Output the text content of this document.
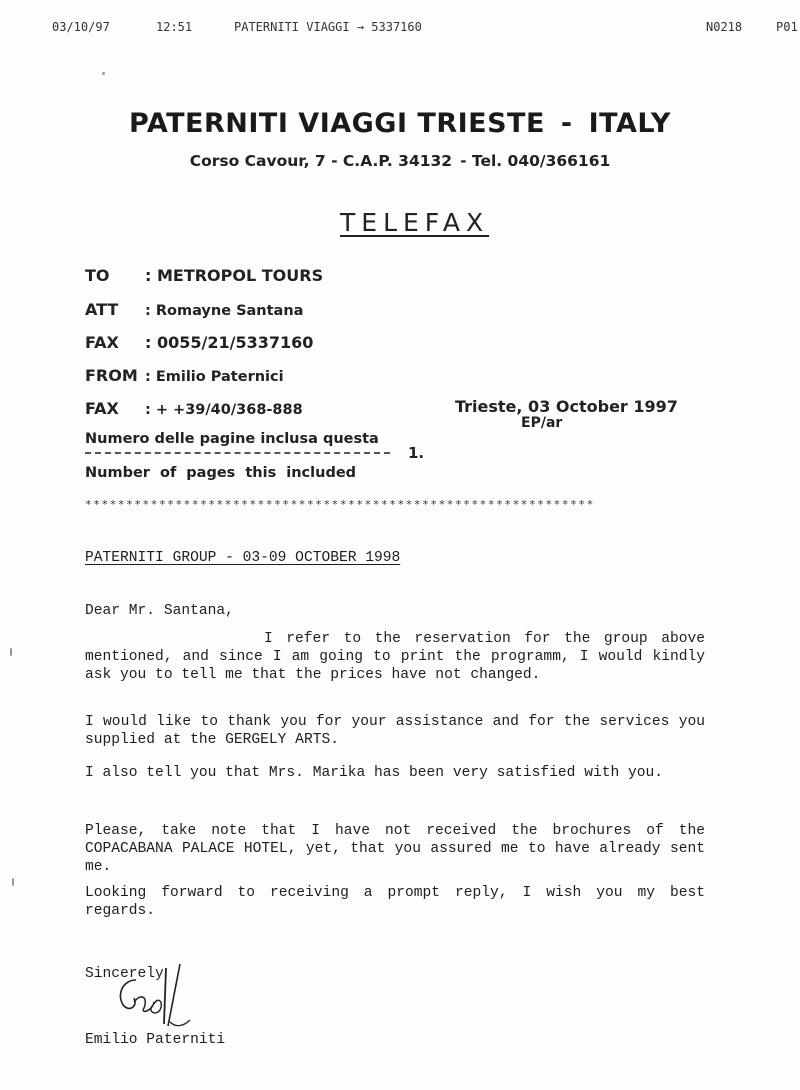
03/10/97	12:51	PATERNITI VIAGGI → 5337160	N0218	P01
PATERNITI VIAGGI TRIESTE - ITALY
Corso Cavour, 7 - C.A.P. 34132 - Tel. 040/366161
TELEFAX
TO : METROPOL TOURS
ATT : Romayne Santana
FAX : 0055/21/5337160
FROM : Emilio Paternici
FAX : + +39/40/368-888	Trieste, 03 October 1997
EP/ar
Numero delle pagine inclusa questa
1.
Number of pages this included
**************************************************************
PATERNITI GROUP - 03-09 OCTOBER 1998
Dear Mr. Santana,
I refer to the reservation for the group above mentioned, and since I am going to print the programm, I would kindly ask you to tell me that the prices have not changed.
I would like to thank you for your assistance and for the services you supplied at the GERGELY ARTS.
I also tell you that Mrs. Marika has been very satisfied with you.
Please, take note that I have not received the brochures of the COPACABANA PALACE HOTEL, yet, that you assured me to have already sent me.
Looking forward to receiving a prompt reply, I wish you my best regards.
Sincerely
Emilio Paterniti
